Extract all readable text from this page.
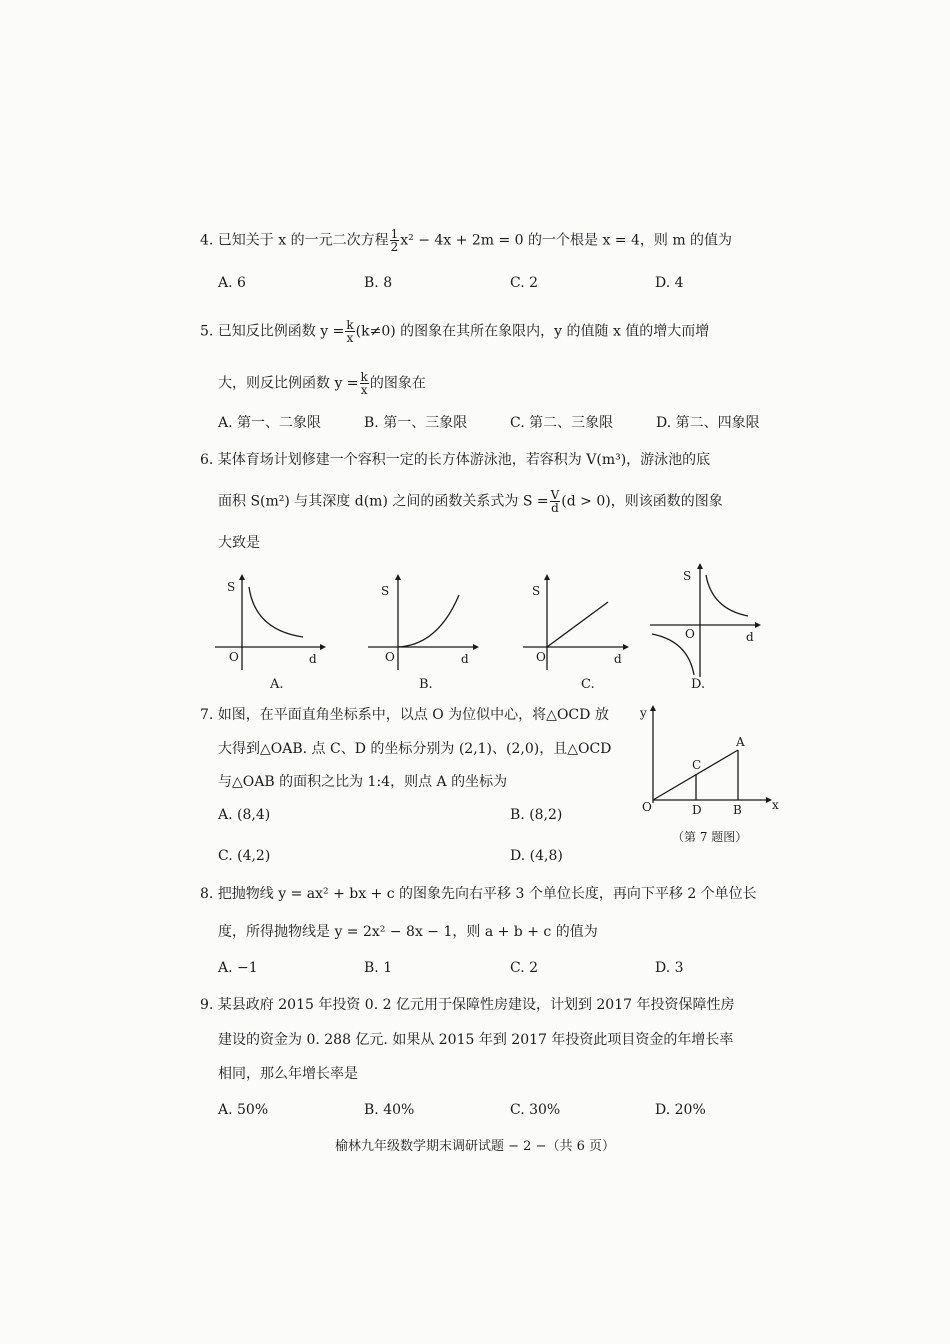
4. 已知关于 x 的一元二次方程 $\frac{1}{2} x^2 - 4x + 2m = 0$ 的一个根是 x = 4，则 m 的值为
A. 6	B. 8	C. 2	D. 4
5. 已知反比例函数 $y = \frac{k}{x} (k\ne 0)$ 的图象在其所在象限内，y 的值随 x 值的增大而增
大，则反比例函数 $y = \frac{k}{x}$ 的图象在
A. 第一、二象限	B. 第一、三象限	C. 第二、三象限	D. 第二、四象限
6. 某体育场计划修建一个容积一定的长方体游泳池，若容积为 V(m³)，游泳池的底
面积 S(m²) 与其深度 d(m) 之间的函数关系式为 $S = \frac{V}{d} (d > 0)$，则该函数的图象
大致是
S
O	d
A.
S
O	d
B.
S
O	d
C.
S
O	d
D.
7. 如图，在平面直角坐标系中，以点 O 为位似中心，将△OCD 放
大得到△OAB. 点 C、D 的坐标分别为 (2,1)、(2,0)，且△OCD
与△OAB 的面积之比为 1:4，则点 A 的坐标为
A. (8,4)	B. (8,2)
C. (4,2)	D. (4,8)
y
x
O
C
A
D	B
（第 7 题图）
8. 把抛物线 y = ax² + bx + c 的图象先向右平移 3 个单位长度，再向下平移 2 个单位长
度，所得抛物线是 y = 2x² − 8x − 1，则 a + b + c 的值为
A. −1	B. 1	C. 2	D. 3
9. 某县政府 2015 年投资 0. 2 亿元用于保障性房建设，计划到 2017 年投资保障性房
建设的资金为 0. 288 亿元. 如果从 2015 年到 2017 年投资此项目资金的年增长率
相同，那么年增长率是
A. 50%	B. 40%	C. 30%	D. 20%
榆林九年级数学期末调研试题 − 2 −（共 6 页）
